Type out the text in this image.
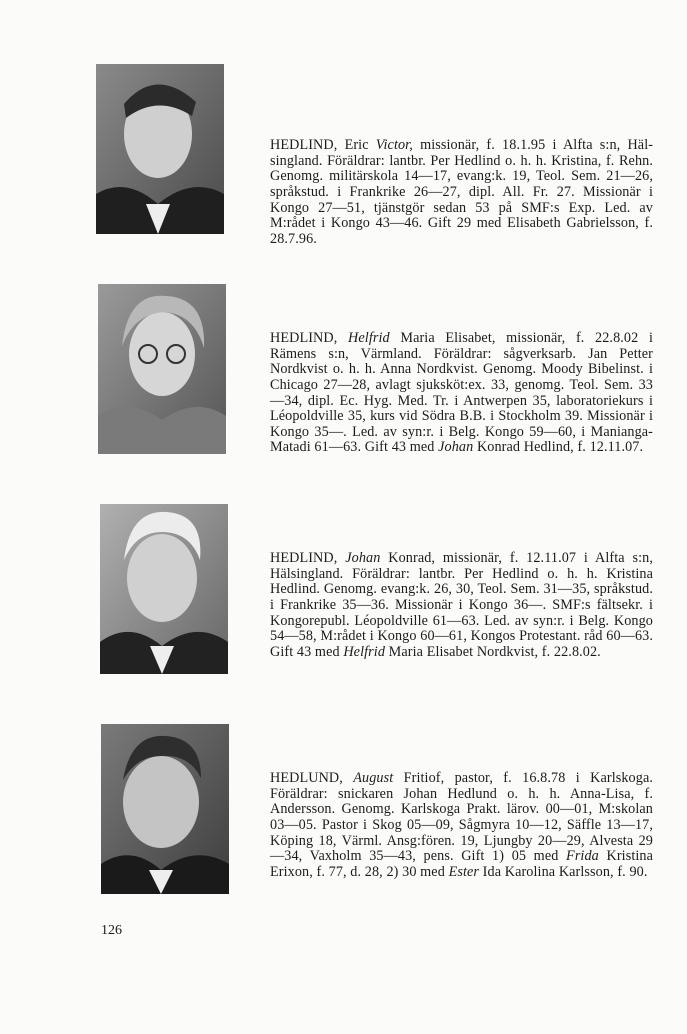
HEDLIND, Eric Victor, missionär, f. 18.1.95 i Alfta s:n, Hälsingland. Föräldrar: lantbr. Per Hedlind o. h. h. Kristina, f. Rehn. Genomg. militärskola 14—17, evang:k. 19, Teol. Sem. 21—26, språkstud. i Frankrike 26—27, dipl. All. Fr. 27. Missionär i Kongo 27—51, tjänstgör sedan 53 på SMF:s Exp. Led. av M:rådet i Kongo 43—46. Gift 29 med Elisabeth Gabrielsson, f. 28.7.96.

HEDLIND, Helfrid Maria Elisabet, missionär, f. 22.8.02 i Rämens s:n, Värmland. Föräldrar: sågverksarb. Jan Petter Nordkvist o. h. h. Anna Nordkvist. Genomg. Moody Bibelinst. i Chicago 27—28, avlagt sjuksköt:ex. 33, genomg. Teol. Sem. 33—34, dipl. Ec. Hyg. Med. Tr. i Antwerpen 35, laboratoriekurs i Léopoldville 35, kurs vid Södra B.B. i Stockholm 39. Missionär i Kongo 35—. Led. av syn:r. i Belg. Kongo 59—60, i Manianga-Matadi 61—63. Gift 43 med Johan Konrad Hedlind, f. 12.11.07.

HEDLIND, Johan Konrad, missionär, f. 12.11.07 i Alfta s:n, Hälsingland. Föräldrar: lantbr. Per Hedlind o. h. h. Kristina Hedlind. Genomg. evang:k. 26, 30, Teol. Sem. 31—35, språkstud. i Frankrike 35—36. Missionär i Kongo 36—. SMF:s fältsekr. i Kongorepubl. Léopoldville 61—63. Led. av syn:r. i Belg. Kongo 54—58, M:rådet i Kongo 60—61, Kongos Protestant. råd 60—63. Gift 43 med Helfrid Maria Elisabet Nordkvist, f. 22.8.02.

HEDLUND, August Fritiof, pastor, f. 16.8.78 i Karlskoga. Föräldrar: snickaren Johan Hedlund o. h. h. Anna-Lisa, f. Andersson. Genomg. Karlskoga Prakt. lärov. 00—01, M:skolan 03—05. Pastor i Skog 05—09, Sågmyra 10—12, Säffle 13—17, Köping 18, Värml. Ansg:fören. 19, Ljungby 20—29, Alvesta 29—34, Vaxholm 35—43, pens. Gift 1) 05 med Frida Kristina Erixon, f. 77, d. 28, 2) 30 med Ester Ida Karolina Karlsson, f. 90.

126
